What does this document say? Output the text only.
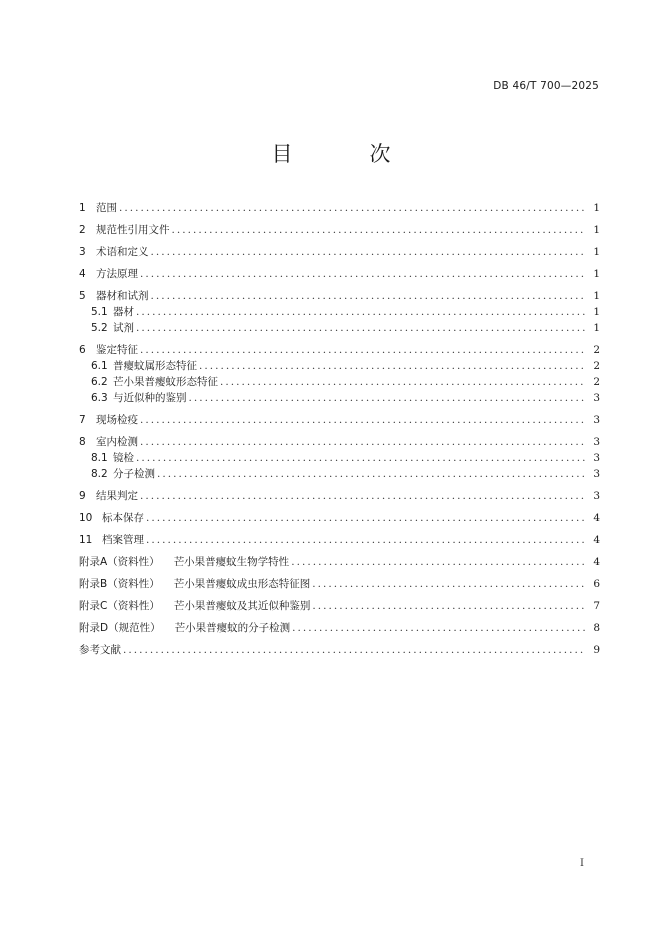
DB 46/T 700—2025
目　次
1 范围 . . .	1
2 规范性引用文件 . . .	1
3 术语和定义 . . .	1
4 方法原理 . . .	1
5 器材和试剂 . . .	1
5.1 器材 . . .	1
5.2 试剂 . . .	1
6 鉴定特征 . . .	2
6.1 普瘿蚊属形态特征 . . .	2
6.2 芒小果普瘿蚊形态特征 . . .	2
6.3 与近似种的鉴别 . . .	3
7 现场检疫 . . .	3
8 室内检测 . . .	3
8.1 镜检 . . .	3
8.2 分子检测 . . .	3
9 结果判定 . . .	3
10 标本保存 . . .	4
11 档案管理 . . .	4
附录A（资料性） 芒小果普瘿蚊生物学特性 . . .	4
附录B（资料性） 芒小果普瘿蚊成虫形态特征图 . . .	6
附录C（资料性） 芒小果普瘿蚊及其近似种鉴别 . . .	7
附录D（规范性） 芒小果普瘿蚊的分子检测 . . .	8
参考文献 . . .	9
I
